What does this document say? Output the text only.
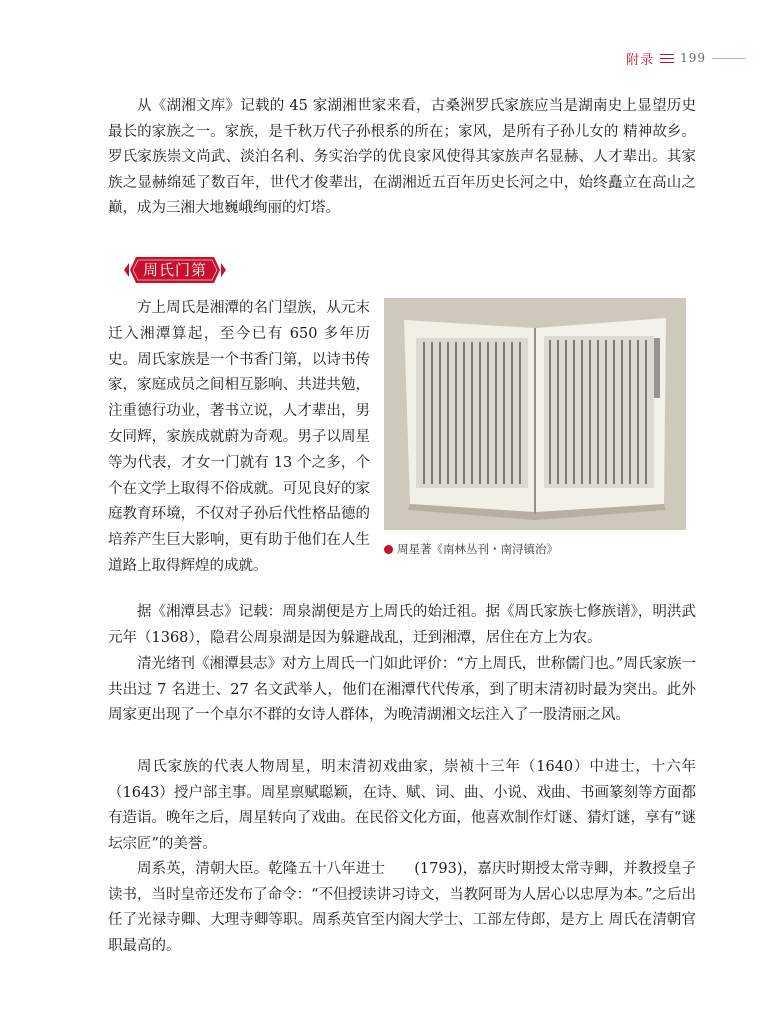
附录 199
从《湖湘文库》记载的 45 家湖湘世家来看，古桑洲罗氏家族应当是湖南史上显望历史最长的家族之一。家族，是千秋万代子孙根系的所在；家风，是所有子孙儿女的 精神故乡。罗氏家族崇文尚武、淡泊名利、务实治学的优良家风使得其家族声名显赫、人才辈出。其家族之显赫绵延了数百年，世代才俊辈出，在湖湘近五百年历史长河之中，始终矗立在高山之巅，成为三湘大地巍峨绚丽的灯塔。
周氏门第
方上周氏是湘潭的名门望族，从元末迁入湘潭算起，至今已有 650 多年历史。周氏家族是一个书香门第，以诗书传家，家庭成员之间相互影响、共进共勉，注重德行功业，著书立说，人才辈出，男女同辉，家族成就蔚为奇观。男子以周星等为代表，才女一门就有 13 个之多，个个在文学上取得不俗成就。可见良好的家庭教育环境，不仅对子孙后代性格品德的培养产生巨大影响，更有助于他们在人生道路上取得辉煌的成就。
周星著《南林丛刊・南浔镇治》
据《湘潭县志》记载：周泉湖便是方上周氏的始迁祖。据《周氏家族七修族谱》，明洪武元年（1368），隐君公周泉湖是因为躲避战乱，迁到湘潭，居住在方上为农。
清光绪刊《湘潭县志》对方上周氏一门如此评价：“方上周氏，世称儒门也。”周氏家族一共出过 7 名进士、27 名文武举人，他们在湘潭代代传承，到了明末清初时最为突出。此外周家更出现了一个卓尔不群的女诗人群体，为晚清湖湘文坛注入了一股清丽之风。
周氏家族的代表人物周星，明末清初戏曲家，崇祯十三年（1640）中进士，十六年（1643）授户部主事。周星禀赋聪颖，在诗、赋、词、曲、小说、戏曲、书画篆刻等方面都有造诣。晚年之后，周星转向了戏曲。在民俗文化方面，他喜欢制作灯谜、猜灯谜，享有“谜坛宗匠”的美誉。
周系英，清朝大臣。乾隆五十八年进士　　(1793)，嘉庆时期授太常寺卿，并教授皇子读书，当时皇帝还发布了命令：“不但授读讲习诗文，当教阿哥为人居心以忠厚为本。”之后出任了光禄寺卿、大理寺卿等职。周系英官至内阁大学士、工部左侍郎，是方上 周氏在清朝官职最高的。
